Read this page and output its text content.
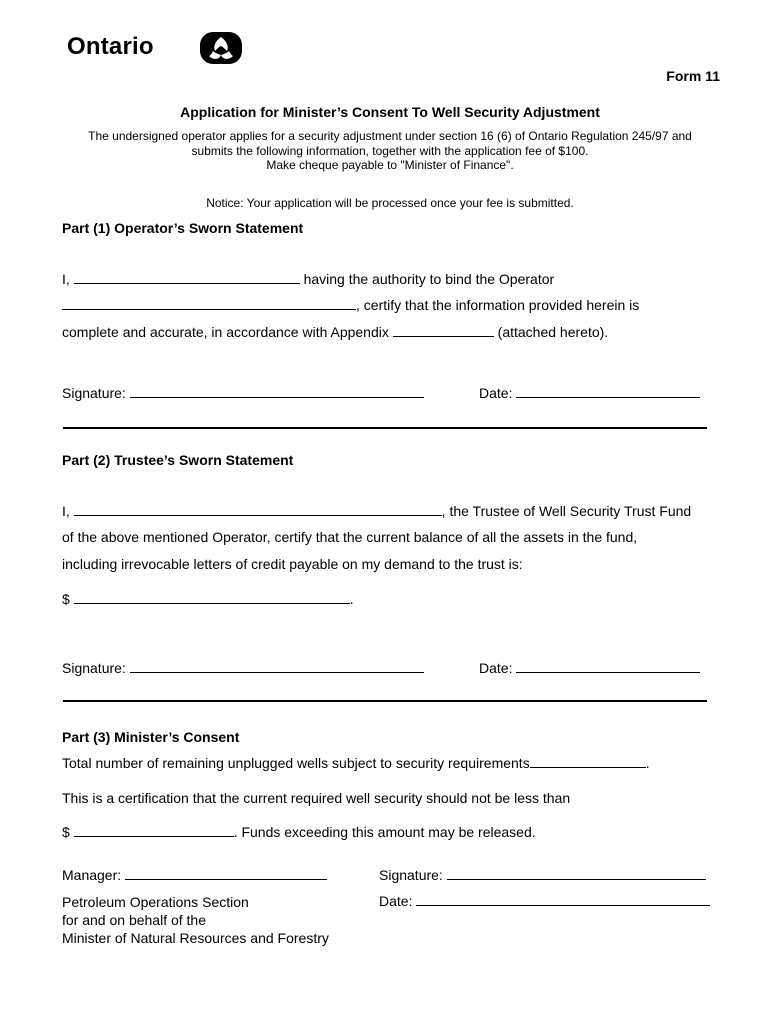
Ontario
Form 11
Application for Minister’s Consent To Well Security Adjustment
The undersigned operator applies for a security adjustment under section 16 (6) of Ontario Regulation 245/97 and
submits the following information, together with the application fee of $100.
Make cheque payable to "Minister of Finance".
Notice: Your application will be processed once your fee is submitted.
Part (1) Operator’s Sworn Statement
I,	having the authority to bind the Operator
, certify that the information provided herein is
complete and accurate, in accordance with Appendix	(attached hereto).
Signature:	Date:
Part (2) Trustee’s Sworn Statement
I,	, the Trustee of Well Security Trust Fund
of the above mentioned Operator, certify that the current balance of all the assets in the fund,
including irrevocable letters of credit payable on my demand to the trust is:
$	.
Signature:	Date:
Part (3) Minister’s Consent
Total number of remaining unplugged wells subject to security requirements	.
This is a certification that the current required well security should not be less than
$	. Funds exceeding this amount may be released.
Manager:	Signature:
Petroleum Operations Section
for and on behalf of the
Minister of Natural Resources and Forestry
Date:
